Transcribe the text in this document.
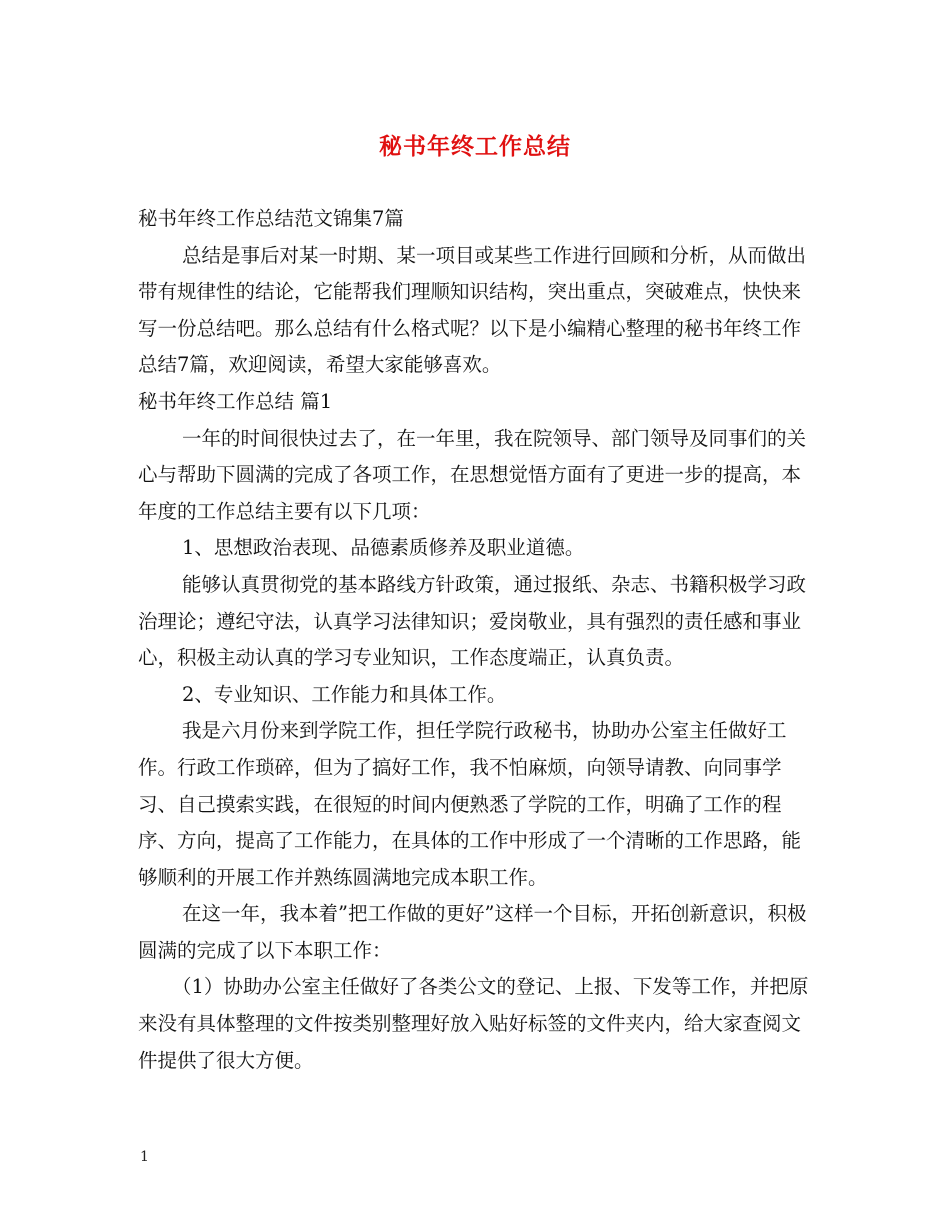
秘书年终工作总结

秘书年终工作总结范文锦集7篇

总结是事后对某一时期、某一项目或某些工作进行回顾和分析，从而做出带有规律性的结论，它能帮我们理顺知识结构，突出重点，突破难点，快快来写一份总结吧。那么总结有什么格式呢？以下是小编精心整理的秘书年终工作总结7篇，欢迎阅读，希望大家能够喜欢。

秘书年终工作总结 篇1

一年的时间很快过去了，在一年里，我在院领导、部门领导及同事们的关心与帮助下圆满的完成了各项工作，在思想觉悟方面有了更进一步的提高，本年度的工作总结主要有以下几项：

1、思想政治表现、品德素质修养及职业道德。

能够认真贯彻党的基本路线方针政策，通过报纸、杂志、书籍积极学习政治理论；遵纪守法，认真学习法律知识；爱岗敬业，具有强烈的责任感和事业心，积极主动认真的学习专业知识，工作态度端正，认真负责。

2、专业知识、工作能力和具体工作。

我是六月份来到学院工作，担任学院行政秘书，协助办公室主任做好工作。行政工作琐碎，但为了搞好工作，我不怕麻烦，向领导请教、向同事学习、自己摸索实践，在很短的时间内便熟悉了学院的工作，明确了工作的程序、方向，提高了工作能力，在具体的工作中形成了一个清晰的工作思路，能够顺利的开展工作并熟练圆满地完成本职工作。

在这一年，我本着”把工作做的更好”这样一个目标，开拓创新意识，积极圆满的完成了以下本职工作：

（1）协助办公室主任做好了各类公文的登记、上报、下发等工作，并把原来没有具体整理的文件按类别整理好放入贴好标签的文件夹内，给大家查阅文件提供了很大方便。

1
